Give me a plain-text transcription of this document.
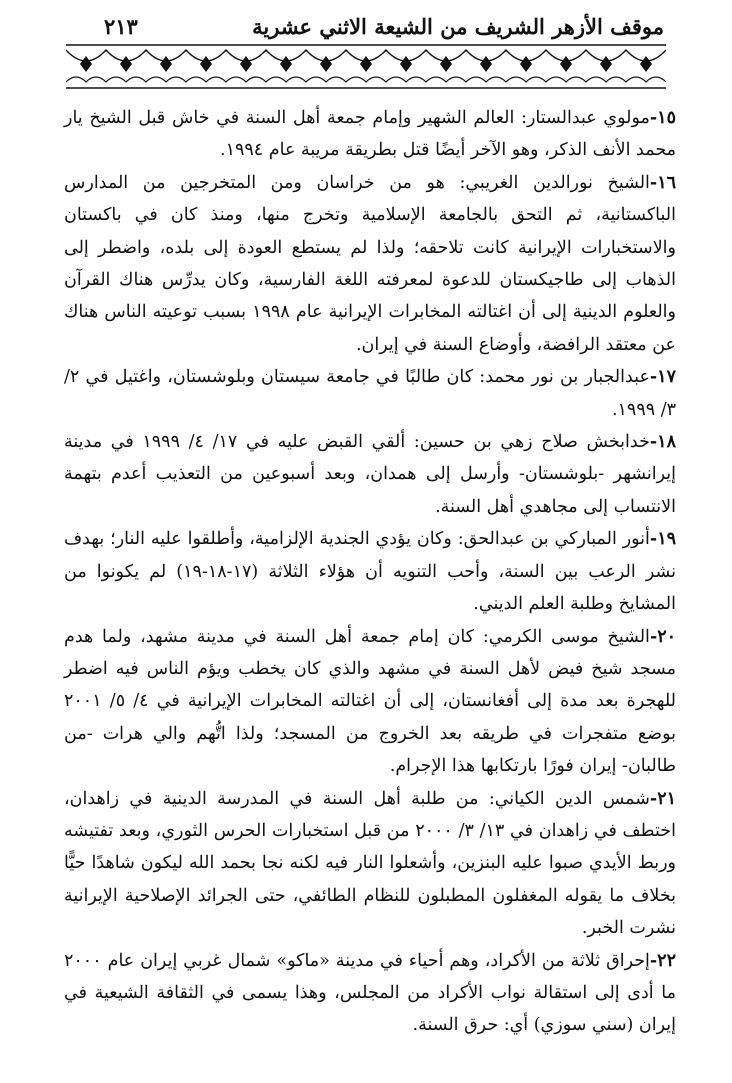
موقف الأزهر الشريف من الشيعة الاثني عشرية
٢١٣

١٥-مولوي عبدالستار: العالم الشهير وإمام جمعة أهل السنة في خاش قبل الشيخ يار محمد الأنف الذكر، وهو الآخر أيضًا قتل بطريقة مريبة عام ١٩٩٤.

١٦-الشيخ نورالدين الغريبي: هو من خراسان ومن المتخرجين من المدارس الباكستانية، ثم التحق بالجامعة الإسلامية وتخرج منها، ومنذ كان في باكستان والاستخبارات الإيرانية كانت تلاحقه؛ ولذا لم يستطع العودة إلى بلده، واضطر إلى الذهاب إلى طاجيكستان للدعوة لمعرفته اللغة الفارسية، وكان يدرِّس هناك القرآن والعلوم الدينية إلى أن اغتالته المخابرات الإيرانية عام ١٩٩٨ بسبب توعيته الناس هناك عن معتقد الرافضة، وأوضاع السنة في إيران.

١٧-عبدالجبار بن نور محمد: كان طالبًا في جامعة سيستان وبلوشستان، واغتيل في ٢/ ٣/ ١٩٩٩.

١٨-خدابخش صلاح زهي بن حسين: ألقي القبض عليه في ١٧/ ٤/ ١٩٩٩ في مدينة إيرانشهر -بلوشستان- وأرسل إلى همدان، وبعد أسبوعين من التعذيب أعدم بتهمة الانتساب إلى مجاهدي أهل السنة.

١٩-أنور المباركي بن عبدالحق: وكان يؤدي الجندية الإلزامية، وأطلقوا عليه النار؛ بهدف نشر الرعب بين السنة، وأحب التنويه أن هؤلاء الثلاثة (١٧-١٨-١٩) لم يكونوا من المشايخ وطلبة العلم الديني.

٢٠-الشيخ موسى الكرمي: كان إمام جمعة أهل السنة في مدينة مشهد، ولما هدم مسجد شيخ فيض لأهل السنة في مشهد والذي كان يخطب ويؤم الناس فيه اضطر للهجرة بعد مدة إلى أفغانستان، إلى أن اغتالته المخابرات الإيرانية في ٤/ ٥/ ٢٠٠١ بوضع متفجرات في طريقه بعد الخروج من المسجد؛ ولذا اتُّهم والي هرات -من طالبان- إيران فورًا بارتكابها هذا الإجرام.

٢١-شمس الدين الكياني: من طلبة أهل السنة في المدرسة الدينية في زاهدان، اختطف في زاهدان في ١٣/ ٣/ ٢٠٠٠ من قبل استخبارات الحرس الثوري، وبعد تفتيشه وربط الأيدي صبوا عليه البنزين، وأشعلوا النار فيه لكنه نجا بحمد الله ليكون شاهدًا حيًّا بخلاف ما يقوله المغفلون المطبلون للنظام الطائفي، حتى الجرائد الإصلاحية الإيرانية نشرت الخبر.

٢٢-إحراق ثلاثة من الأكراد، وهم أحياء في مدينة «ماكو» شمال غربي إيران عام ٢٠٠٠ ما أدى إلى استقالة نواب الأكراد من المجلس، وهذا يسمى في الثقافة الشيعية في إيران (سني سوزي) أي: حرق السنة.
